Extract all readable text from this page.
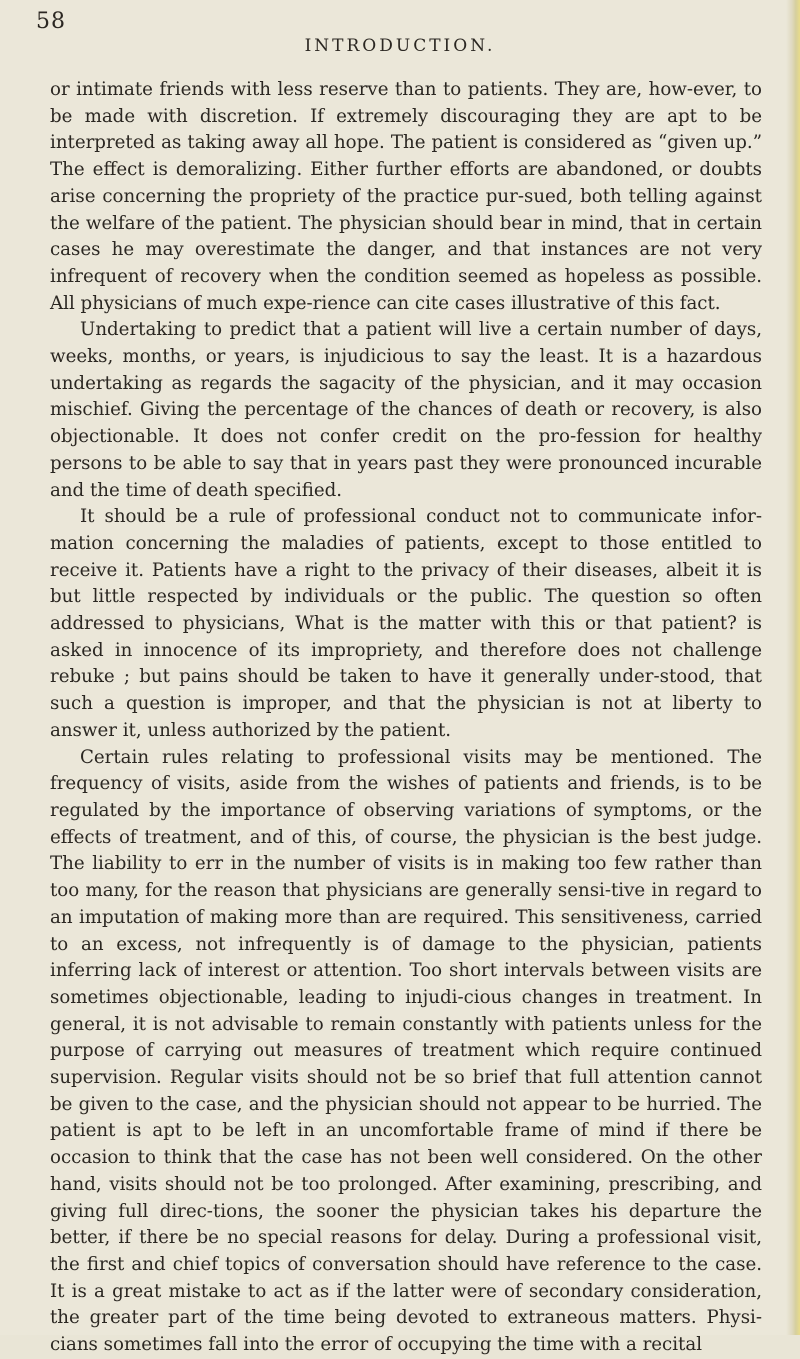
58
INTRODUCTION.

or intimate friends with less reserve than to patients. They are, how-ever, to be made with discretion. If extremely discouraging they are apt to be interpreted as taking away all hope. The patient is considered as “given up.” The effect is demoralizing. Either further efforts are abandoned, or doubts arise concerning the propriety of the practice pur-sued, both telling against the welfare of the patient. The physician should bear in mind, that in certain cases he may overestimate the danger, and that instances are not very infrequent of recovery when the condition seemed as hopeless as possible. All physicians of much expe-rience can cite cases illustrative of this fact.

Undertaking to predict that a patient will live a certain number of days, weeks, months, or years, is injudicious to say the least. It is a hazardous undertaking as regards the sagacity of the physician, and it may occasion mischief. Giving the percentage of the chances of death or recovery, is also objectionable. It does not confer credit on the pro-fession for healthy persons to be able to say that in years past they were pronounced incurable and the time of death specified.

It should be a rule of professional conduct not to communicate infor-mation concerning the maladies of patients, except to those entitled to receive it. Patients have a right to the privacy of their diseases, albeit it is but little respected by individuals or the public. The question so often addressed to physicians, What is the matter with this or that patient? is asked in innocence of its impropriety, and therefore does not challenge rebuke ; but pains should be taken to have it generally under-stood, that such a question is improper, and that the physician is not at liberty to answer it, unless authorized by the patient.

Certain rules relating to professional visits may be mentioned. The frequency of visits, aside from the wishes of patients and friends, is to be regulated by the importance of observing variations of symptoms, or the effects of treatment, and of this, of course, the physician is the best judge. The liability to err in the number of visits is in making too few rather than too many, for the reason that physicians are generally sensi-tive in regard to an imputation of making more than are required. This sensitiveness, carried to an excess, not infrequently is of damage to the physician, patients inferring lack of interest or attention. Too short intervals between visits are sometimes objectionable, leading to injudi-cious changes in treatment. In general, it is not advisable to remain constantly with patients unless for the purpose of carrying out measures of treatment which require continued supervision. Regular visits should not be so brief that full attention cannot be given to the case, and the physician should not appear to be hurried. The patient is apt to be left in an uncomfortable frame of mind if there be occasion to think that the case has not been well considered. On the other hand, visits should not be too prolonged. After examining, prescribing, and giving full direc-tions, the sooner the physician takes his departure the better, if there be no special reasons for delay. During a professional visit, the first and chief topics of conversation should have reference to the case. It is a great mistake to act as if the latter were of secondary consideration, the greater part of the time being devoted to extraneous matters. Physi-cians sometimes fall into the error of occupying the time with a recital
